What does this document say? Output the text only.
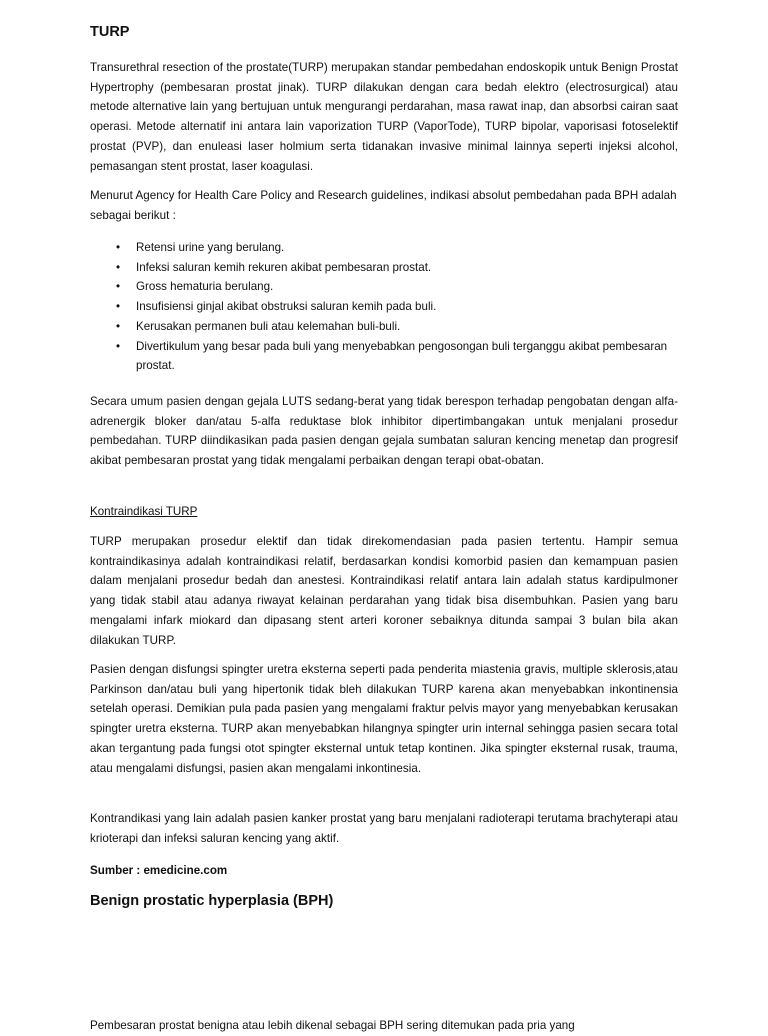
TURP

Transurethral resection of the prostate(TURP) merupakan standar pembedahan endoskopik untuk Benign Prostat Hypertrophy (pembesaran prostat jinak). TURP dilakukan dengan cara bedah elektro (electrosurgical) atau metode alternative lain yang bertujuan untuk mengurangi perdarahan, masa rawat inap, dan absorbsi cairan saat operasi. Metode alternatif ini antara lain vaporization TURP (VaporTode), TURP bipolar, vaporisasi fotoselektif prostat (PVP), dan enuleasi laser holmium serta tidanakan invasive minimal lainnya seperti injeksi alcohol, pemasangan stent prostat, laser koagulasi.

Menurut Agency for Health Care Policy and Research guidelines, indikasi absolut pembedahan pada BPH adalah sebagai berikut :

• Retensi urine yang berulang.
• Infeksi saluran kemih rekuren akibat pembesaran prostat.
• Gross hematuria berulang.
• Insufisiensi ginjal akibat obstruksi saluran kemih pada buli.
• Kerusakan permanen buli atau kelemahan buli-buli.
• Divertikulum yang besar pada buli yang menyebabkan pengosongan buli terganggu akibat pembesaran prostat.

Secara umum pasien dengan gejala LUTS sedang-berat yang tidak berespon terhadap pengobatan dengan alfa-adrenergik bloker dan/atau 5-alfa reduktase blok inhibitor dipertimbangakan untuk menjalani prosedur pembedahan. TURP diindikasikan pada pasien dengan gejala sumbatan saluran kencing menetap dan progresif akibat pembesaran prostat yang tidak mengalami perbaikan dengan terapi obat-obatan.

Kontraindikasi TURP

TURP merupakan prosedur elektif dan tidak direkomendasian pada pasien tertentu. Hampir semua kontraindikasinya adalah kontraindikasi relatif, berdasarkan kondisi komorbid pasien dan kemampuan pasien dalam menjalani prosedur bedah dan anestesi. Kontraindikasi relatif antara lain adalah status kardipulmoner yang tidak stabil atau adanya riwayat kelainan perdarahan yang tidak bisa disembuhkan. Pasien yang baru mengalami infark miokard dan dipasang stent arteri koroner sebaiknya ditunda sampai 3 bulan bila akan dilakukan TURP.

Pasien dengan disfungsi spingter uretra eksterna seperti pada penderita miastenia gravis, multiple sklerosis,atau Parkinson dan/atau buli yang hipertonik tidak bleh dilakukan TURP karena akan menyebabkan inkontinensia setelah operasi. Demikian pula pada pasien yang mengalami fraktur pelvis mayor yang menyebabkan kerusakan spingter uretra eksterna. TURP akan menyebabkan hilangnya spingter urin internal sehingga pasien secara total akan tergantung pada fungsi otot spingter eksternal untuk tetap kontinen. Jika spingter eksternal rusak, trauma, atau mengalami disfungsi, pasien akan mengalami inkontinesia.

Kontrandikasi yang lain adalah pasien kanker prostat yang baru menjalani radioterapi terutama brachyterapi atau krioterapi dan infeksi saluran kencing yang aktif.

Sumber : emedicine.com

Benign prostatic hyperplasia (BPH)

Pembesaran prostat benigna atau lebih dikenal sebagai BPH sering ditemukan pada pria yang
